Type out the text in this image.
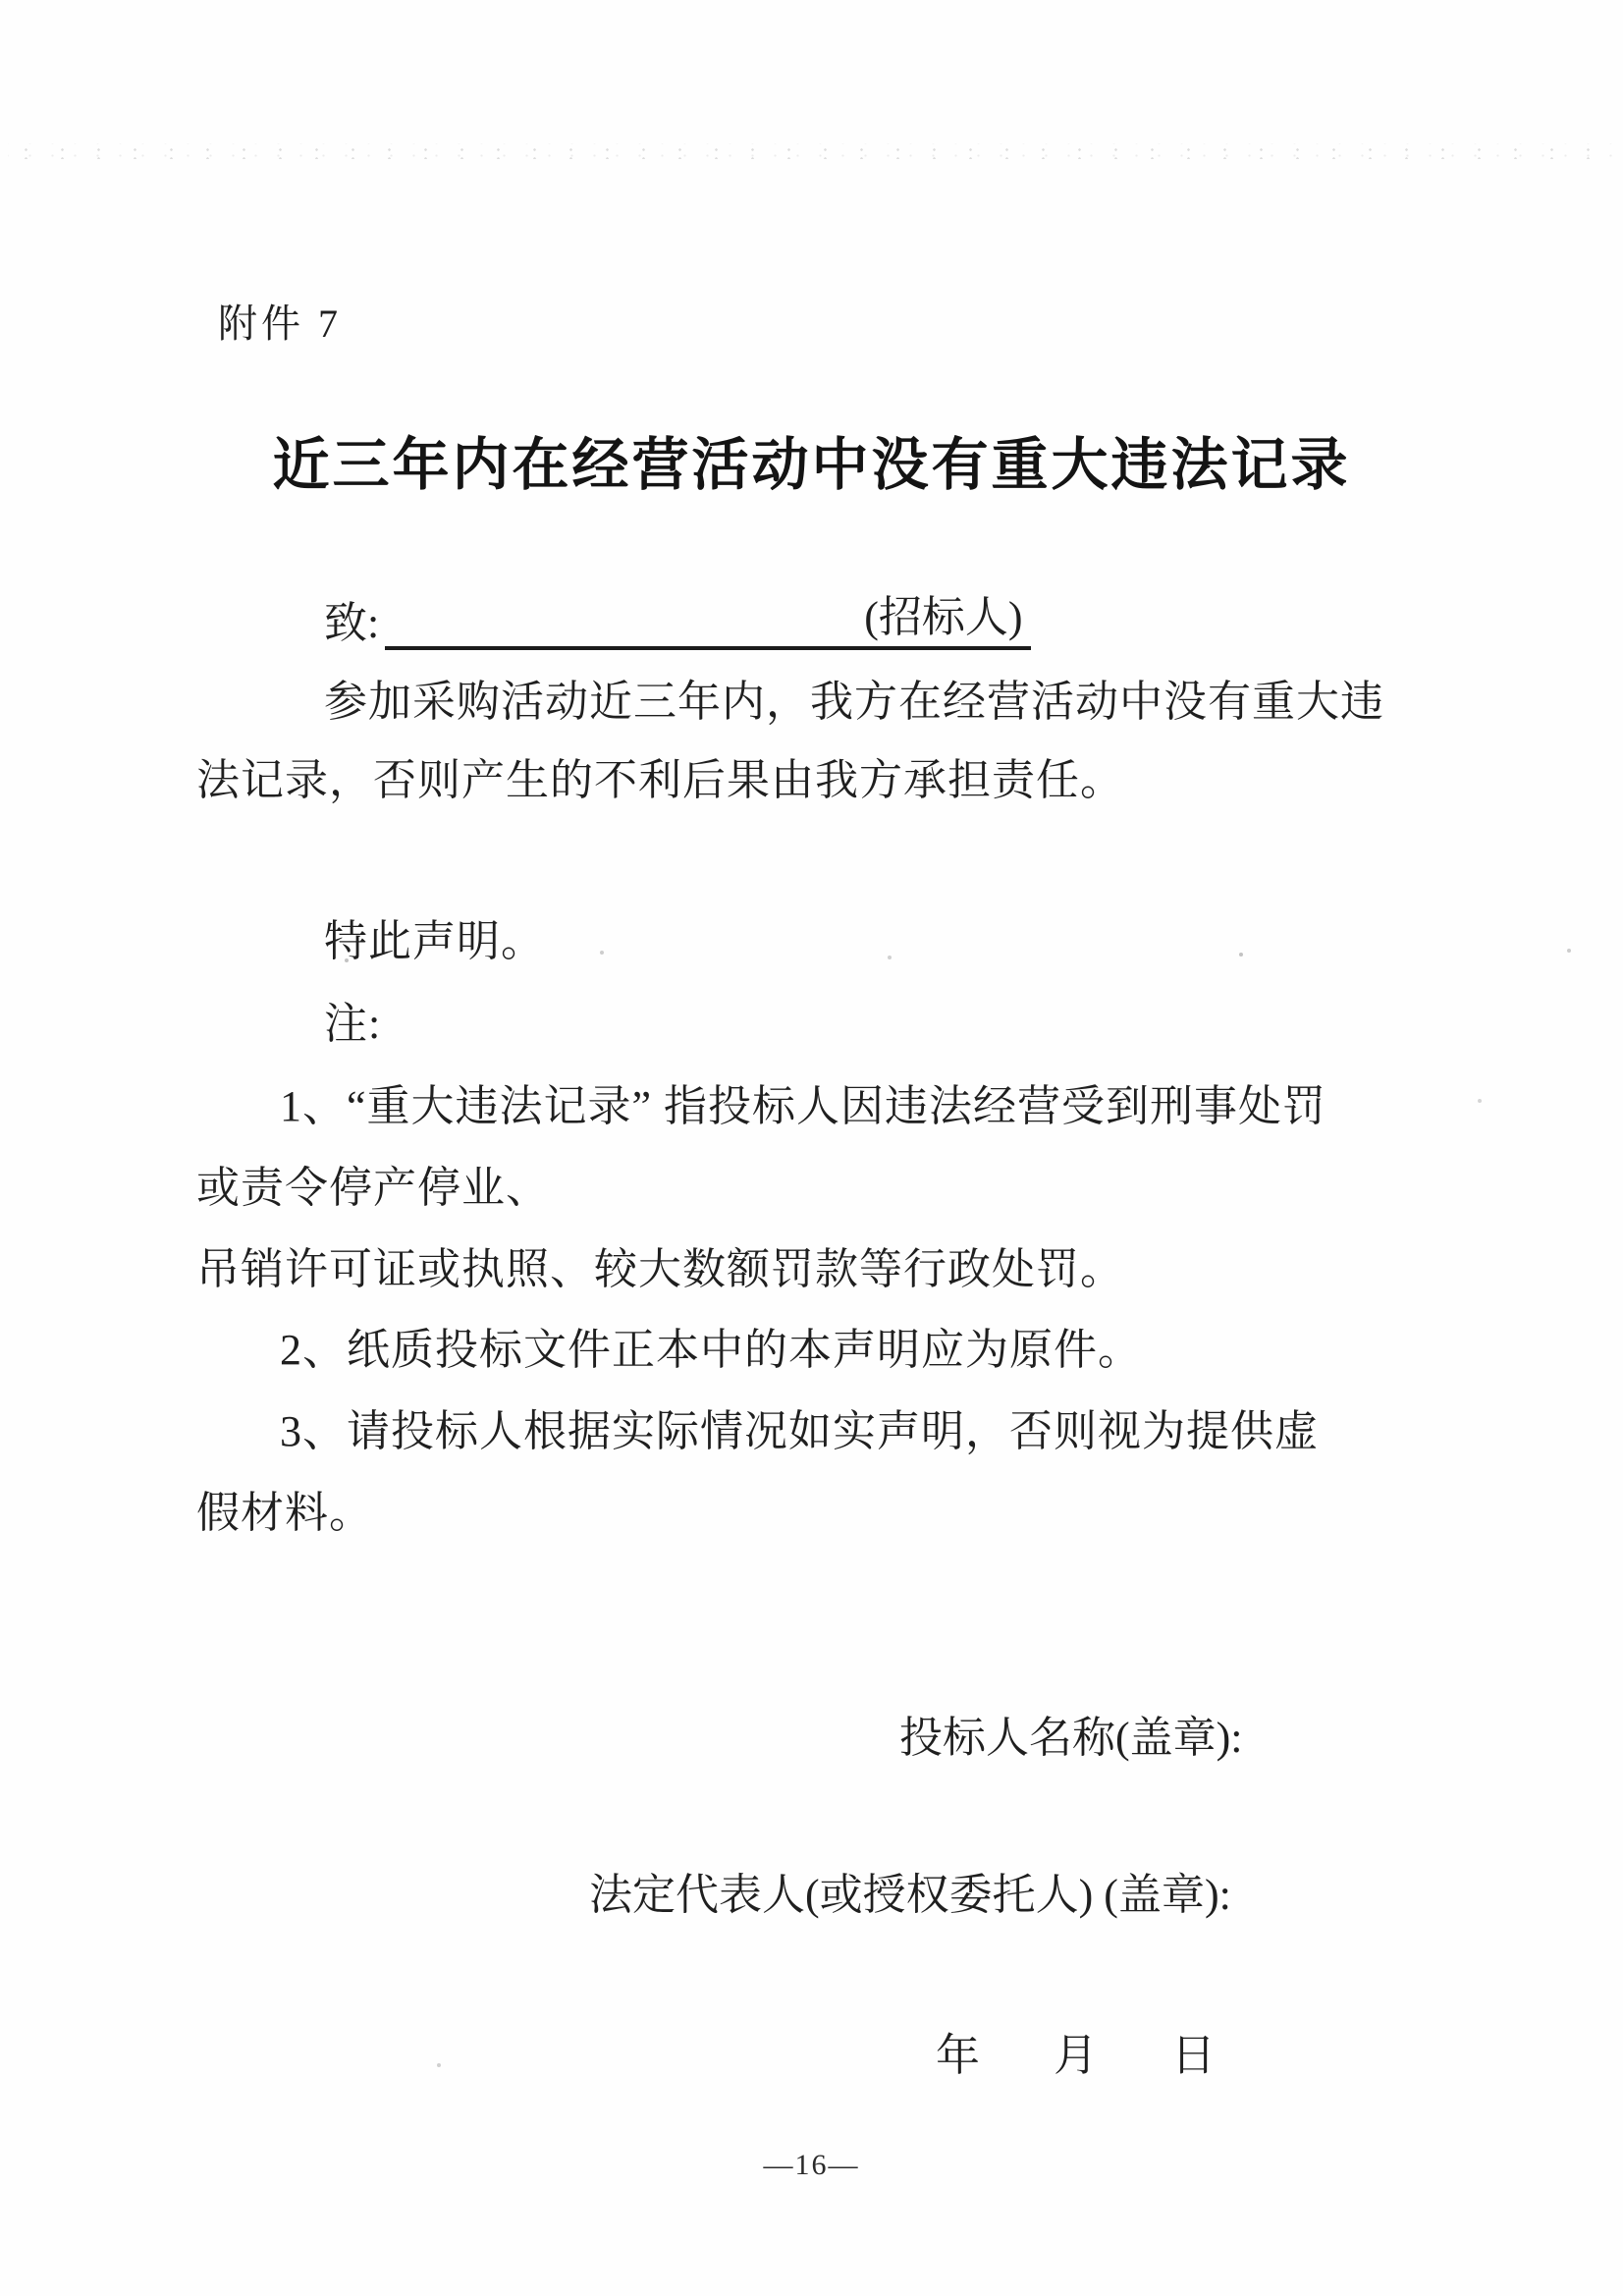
附件 7
近三年内在经营活动中没有重大违法记录
致:	(招标人)
参加采购活动近三年内，我方在经营活动中没有重大违
法记录，否则产生的不利后果由我方承担责任。
特此声明。
注:
1、“重大违法记录” 指投标人因违法经营受到刑事处罚
或责令停产停业、
吊销许可证或执照、较大数额罚款等行政处罚。
2、纸质投标文件正本中的本声明应为原件。
3、请投标人根据实际情况如实声明，否则视为提供虚
假材料。
投标人名称(盖章):
法定代表人(或授权委托人) (盖章):
年 月 日
—16—
